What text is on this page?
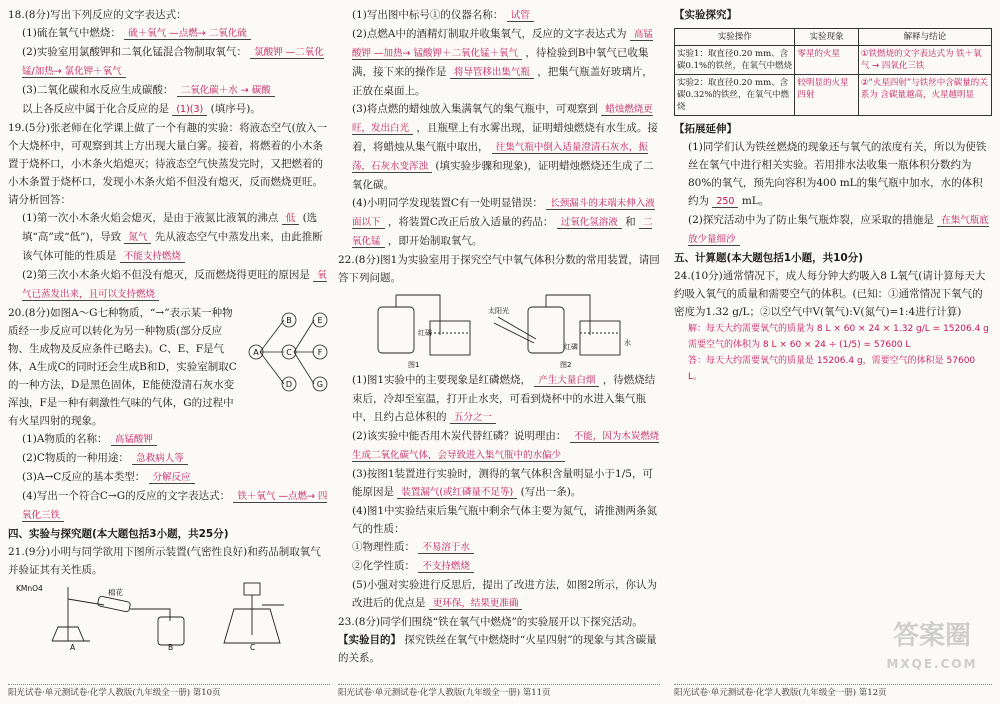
18.(8分)写出下列反应的文字表达式：
(1)硫在氧气中燃烧： 硫＋氧气 —点燃→ 二氧化硫
(2)实验室用氯酸钾和二氧化锰混合物制取氧气： 氯酸钾 —二氧化锰/加热→ 氯化钾＋氧气
(3)二氧化碳和水反应生成碳酸： 二氧化碳＋水 → 碳酸
以上各反应中属于化合反应的是 (1)(3) (填序号)。
19.(5分)张老师在化学课上做了一个有趣的实验：将液态空气(放入一个大烧杯中，可观察到其上方出现大量白雾。接着，将燃着的小木条置于烧杯口，小木条火焰熄灭；待液态空气快蒸发完时，又把燃着的小木条置于烧杯口，发现小木条火焰不但没有熄灭，反而燃烧更旺。请分析回答：
(1)第一次小木条火焰会熄灭，是由于液氮比液氧的沸点 低 (选填“高”或“低”)，导致 氮气 先从液态空气中蒸发出来，由此推断该气体可能的性质是 不能支持燃烧
(2)第三次小木条火焰不但没有熄灭，反而燃烧得更旺的原因是 氧气已蒸发出来，且可以支持燃烧
20.(8分)如图A～G七种物质，“→”表示某一种物质经一步反应可以转化为另一种物质(部分反应物、生成物及反应条件已略去)。C、E、F是气体，A生成C的同时还会生成B和D，实验室制取C的一种方法，D是黑色固体，E能使澄清石灰水变浑浊，F是一种有刺激性气味的气体，G的过程中有火星四射的现象。
A
B
C
D
E
F
G
(1)A物质的名称： 高锰酸钾
(2)C物质的一种用途： 急救病人等
(3)A→C反应的基本类型： 分解反应
(4)写出一个符合C→G的反应的文字表达式： 铁＋氧气 —点燃→ 四氧化三铁
四、实验与探究题(本大题包括3小题，共25分)
21.(9分)小明与同学欲用下图所示装置(气密性良好)和药品制取氧气并验证其有关性质。
KMnO4	棉花
A	B	C
(1)写出图中标号①的仪器名称： 试管
(2)点燃A中的酒精灯制取并收集氧气，反应的文字表达式为 高锰酸钾 —加热→ 锰酸钾＋二氧化锰＋氧气 ，待检验到B中氧气已收集满，接下来的操作是 将导管移出集气瓶 ，把集气瓶盖好玻璃片，正放在桌面上。
(3)将点燃的蜡烛放入集满氧气的集气瓶中，可观察到 蜡烛燃烧更旺，发出白光 ，且瓶壁上有水雾出现，证明蜡烛燃烧有水生成。接着，将蜡烛从集气瓶中取出， 往集气瓶中倒入适量澄清石灰水，振荡，石灰水变浑浊 (填实验步骤和现象)，证明蜡烛燃烧还生成了二氧化碳。
(4)小明同学发现装置C有一处明显错误： 长颈漏斗的末端未伸入液面以下 ，将装置C改正后放入适量的药品： 过氧化氢溶液 和 二氧化锰 ，即开始制取氧气。
22.(8分)图1为实验室用于探究空气中氧气体积分数的常用装置，请回答下列问题。
红磷
太阳光
红磷	水
图1	图2
(1)图1实验中的主要现象是红磷燃烧， 产生大量白烟 ，待燃烧结束后，冷却至室温，打开止水夹，可看到烧杯中的水进入集气瓶中，且约占总体积的 五分之一
(2)该实验中能否用木炭代替红磷？说明理由： 不能，因为木炭燃烧生成二氧化碳气体，会导致进入集气瓶中的水偏少
(3)按图1装置进行实验时，测得的氧气体积含量明显小于1/5，可能原因是 装置漏气(或红磷量不足等) (写出一条)。
(4)图1中实验结束后集气瓶中剩余气体主要为氮气，请推测两条氮气的性质：
①物理性质： 不易溶于水
②化学性质： 不支持燃烧
(5)小强对实验进行反思后，提出了改进方法，如图2所示，你认为改进后的优点是 更环保，结果更准确
23.(8分)同学们围绕“铁在氧气中燃烧”的实验展开以下探究活动。
【实验目的】 探究铁丝在氧气中燃烧时“火星四射”的现象与其含碳量的关系。
【实验探究】
实验操作	实验现象	解释与结论
实验1：取直径0.20 mm、含碳0.1%的铁丝，在氧气中燃烧	零星的火星	①铁燃烧的文字表达式为 铁＋氧气 → 四氧化三铁
实验2：取直径0.20 mm、含碳0.32%的铁丝，在氧气中燃烧	较明显的火星四射	②“火星四射”与铁丝中含碳量的关系为 含碳量越高，火星越明显
【拓展延伸】
(1)同学们认为铁丝燃烧的现象还与氧气的浓度有关，所以为使铁丝在氧气中进行相关实验。若用排水法收集一瓶体积分数约为80%的氧气，预先向容积为400 mL的集气瓶中加水，水的体积约为 250 mL。
(2)探究活动中为了防止集气瓶炸裂，应采取的措施是 在集气瓶底放少量细沙
五、计算题(本大题包括1小题，共10分)
24.(10分)通常情况下，成人每分钟大约吸入8 L氧气(请计算每天大约吸入氧气的质量和需要空气的体积。(已知：①通常情况下氧气的密度为1.32 g/L；②以空气中V(氧气):V(氮气)=1:4进行计算)
解：每天大约需要氧气的质量为 8 L × 60 × 24 × 1.32 g/L = 15206.4 g
需要空气的体积为 8 L × 60 × 24 ÷ (1/5) = 57600 L
答：每天大约需要氧气的质量是 15206.4 g，需要空气的体积是 57600 L。
阳光试卷·单元测试卷·化学人教版(九年级全一册) 第10页	阳光试卷·单元测试卷·化学人教版(九年级全一册) 第11页	阳光试卷·单元测试卷·化学人教版(九年级全一册) 第12页
答案圈
MXQE.COM
